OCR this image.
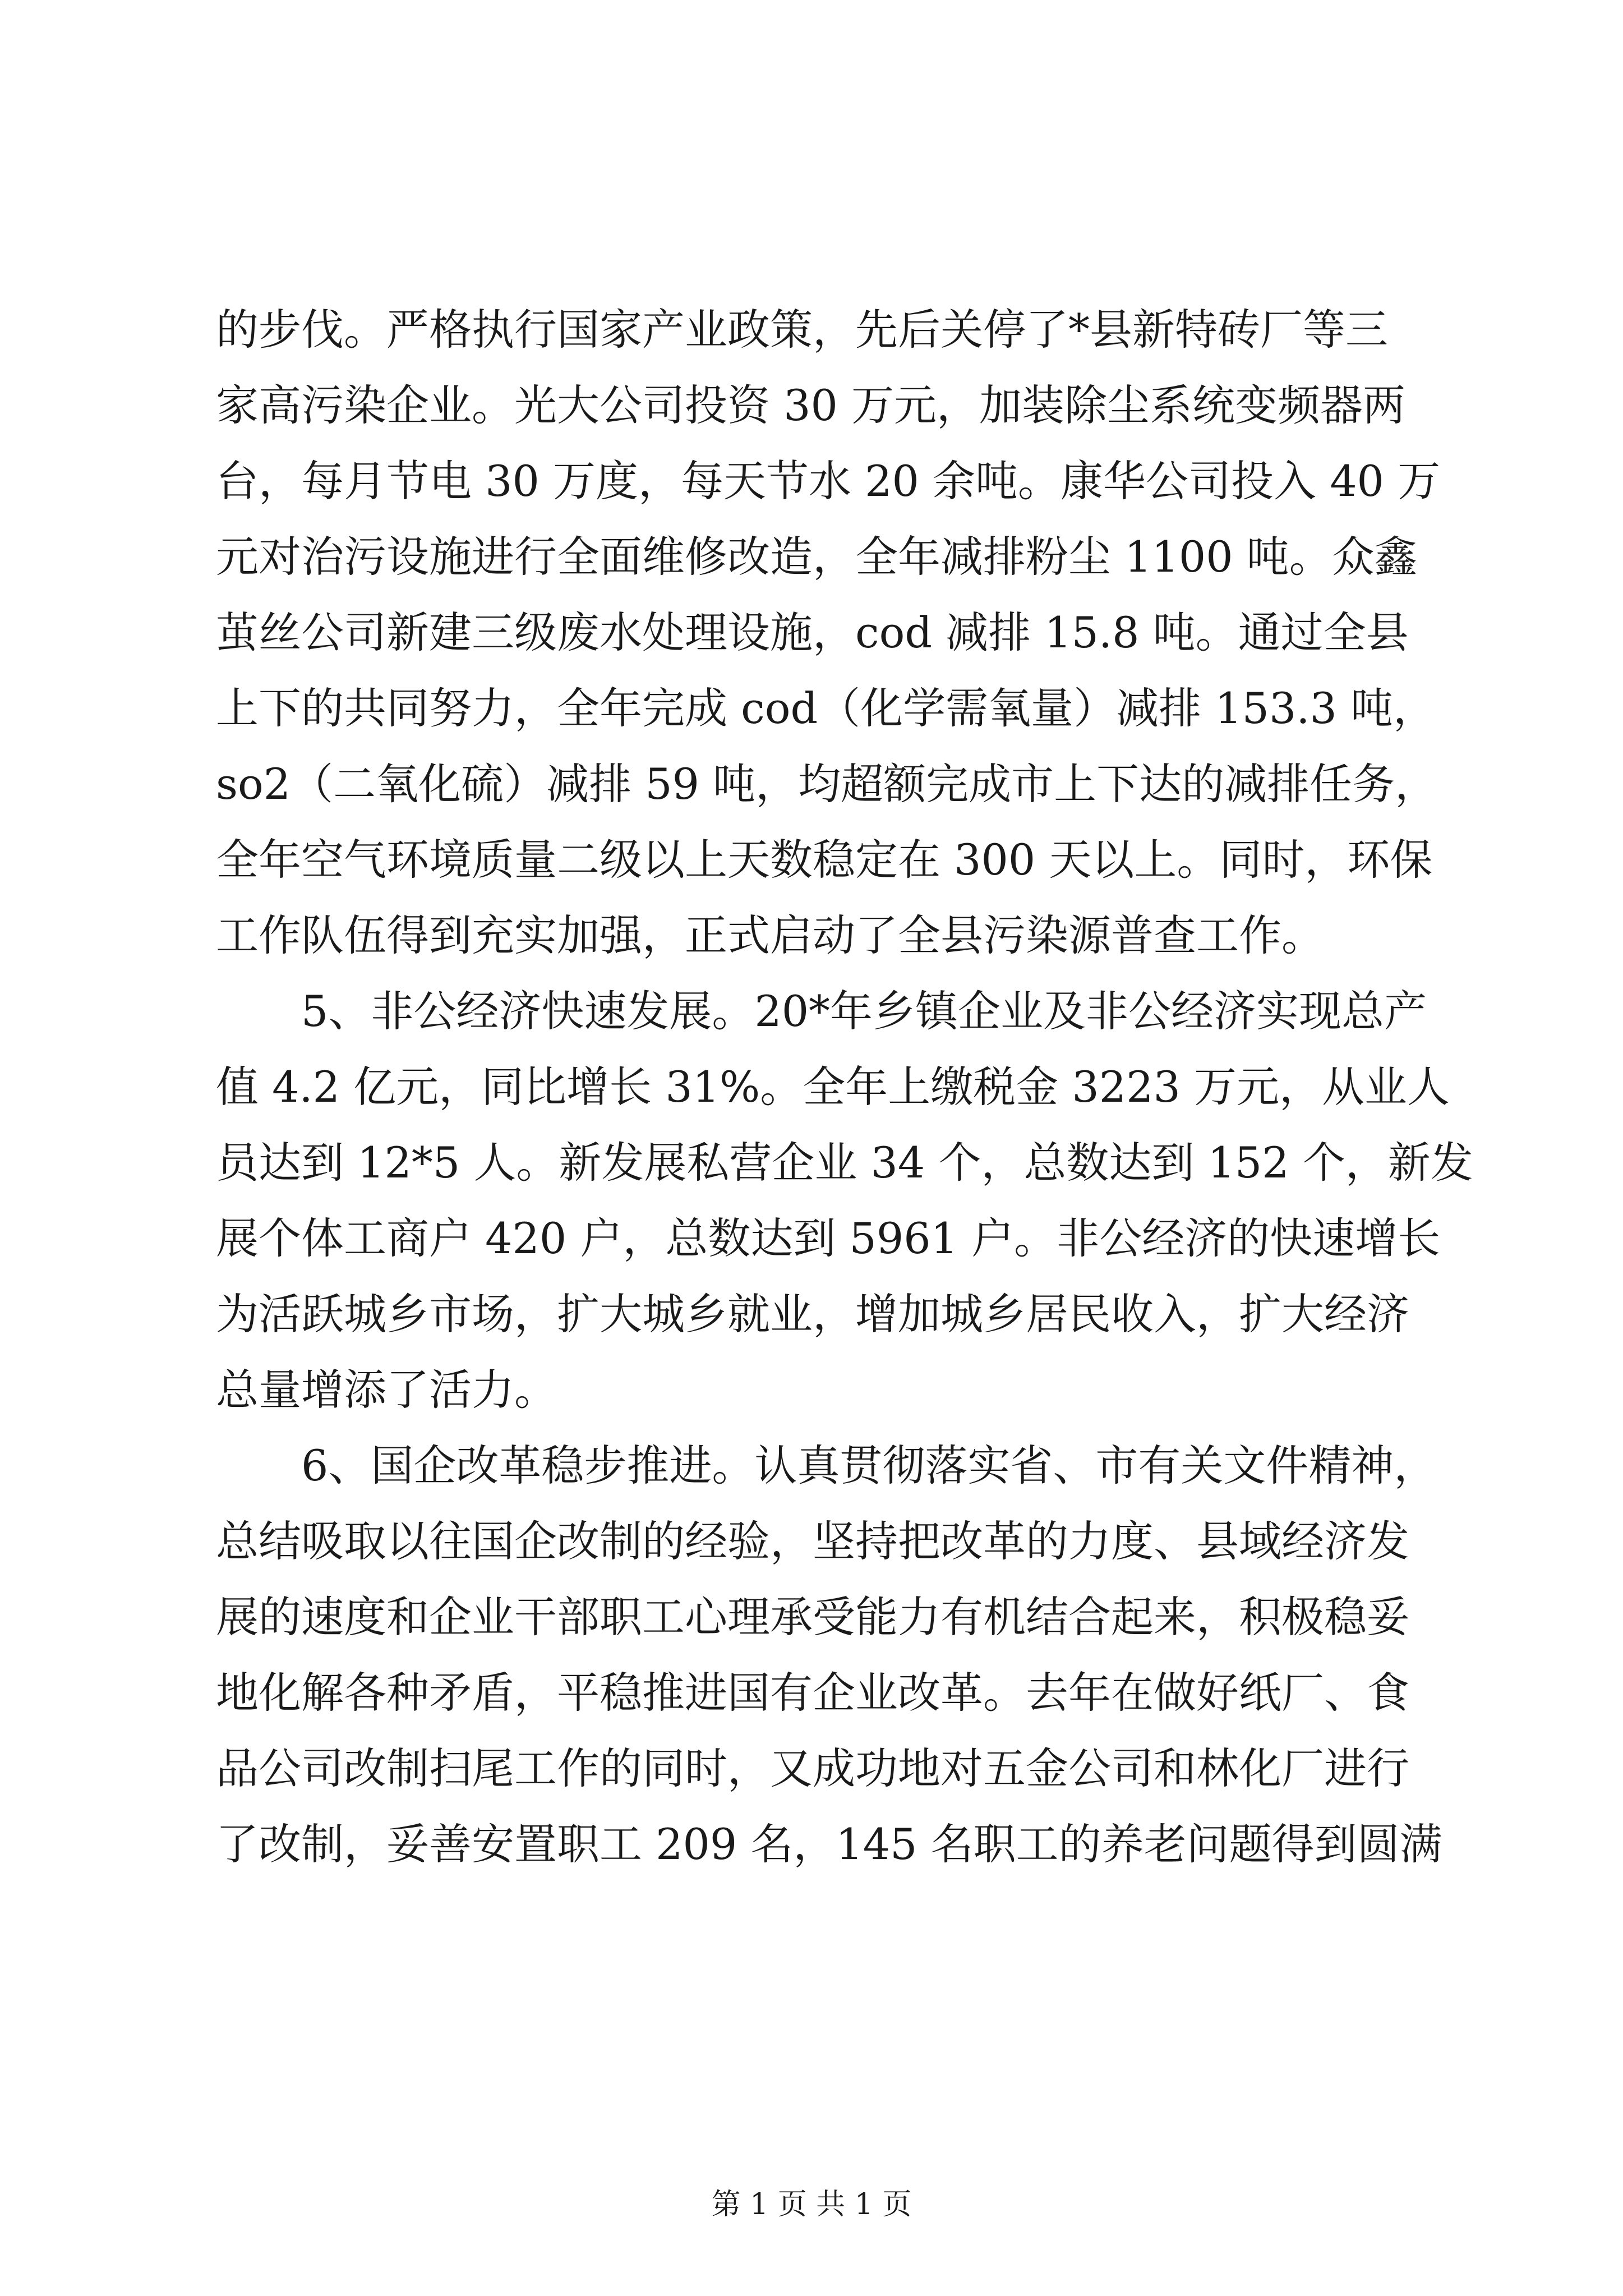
的步伐。严格执行国家产业政策，先后关停了*县新特砖厂等三
家高污染企业。光大公司投资 30 万元，加装除尘系统变频器两
台，每月节电 30 万度，每天节水 20 余吨。康华公司投入 40 万
元对治污设施进行全面维修改造，全年减排粉尘 1100 吨。众鑫
茧丝公司新建三级废水处理设施，cod 减排 15.8 吨。通过全县
上下的共同努力，全年完成 cod（化学需氧量）减排 153.3 吨，
so2（二氧化硫）减排 59 吨，均超额完成市上下达的减排任务，
全年空气环境质量二级以上天数稳定在 300 天以上。同时，环保
工作队伍得到充实加强，正式启动了全县污染源普查工作。
5、非公经济快速发展。20*年乡镇企业及非公经济实现总产
值 4.2 亿元，同比增长 31%。全年上缴税金 3223 万元，从业人
员达到 12*5 人。新发展私营企业 34 个，总数达到 152 个，新发
展个体工商户 420 户，总数达到 5961 户。非公经济的快速增长
为活跃城乡市场，扩大城乡就业，增加城乡居民收入，扩大经济
总量增添了活力。
6、国企改革稳步推进。认真贯彻落实省、市有关文件精神，
总结吸取以往国企改制的经验，坚持把改革的力度、县域经济发
展的速度和企业干部职工心理承受能力有机结合起来，积极稳妥
地化解各种矛盾，平稳推进国有企业改革。去年在做好纸厂、食
品公司改制扫尾工作的同时，又成功地对五金公司和林化厂进行
了改制，妥善安置职工 209 名，145 名职工的养老问题得到圆满
第 1 页 共 1 页
